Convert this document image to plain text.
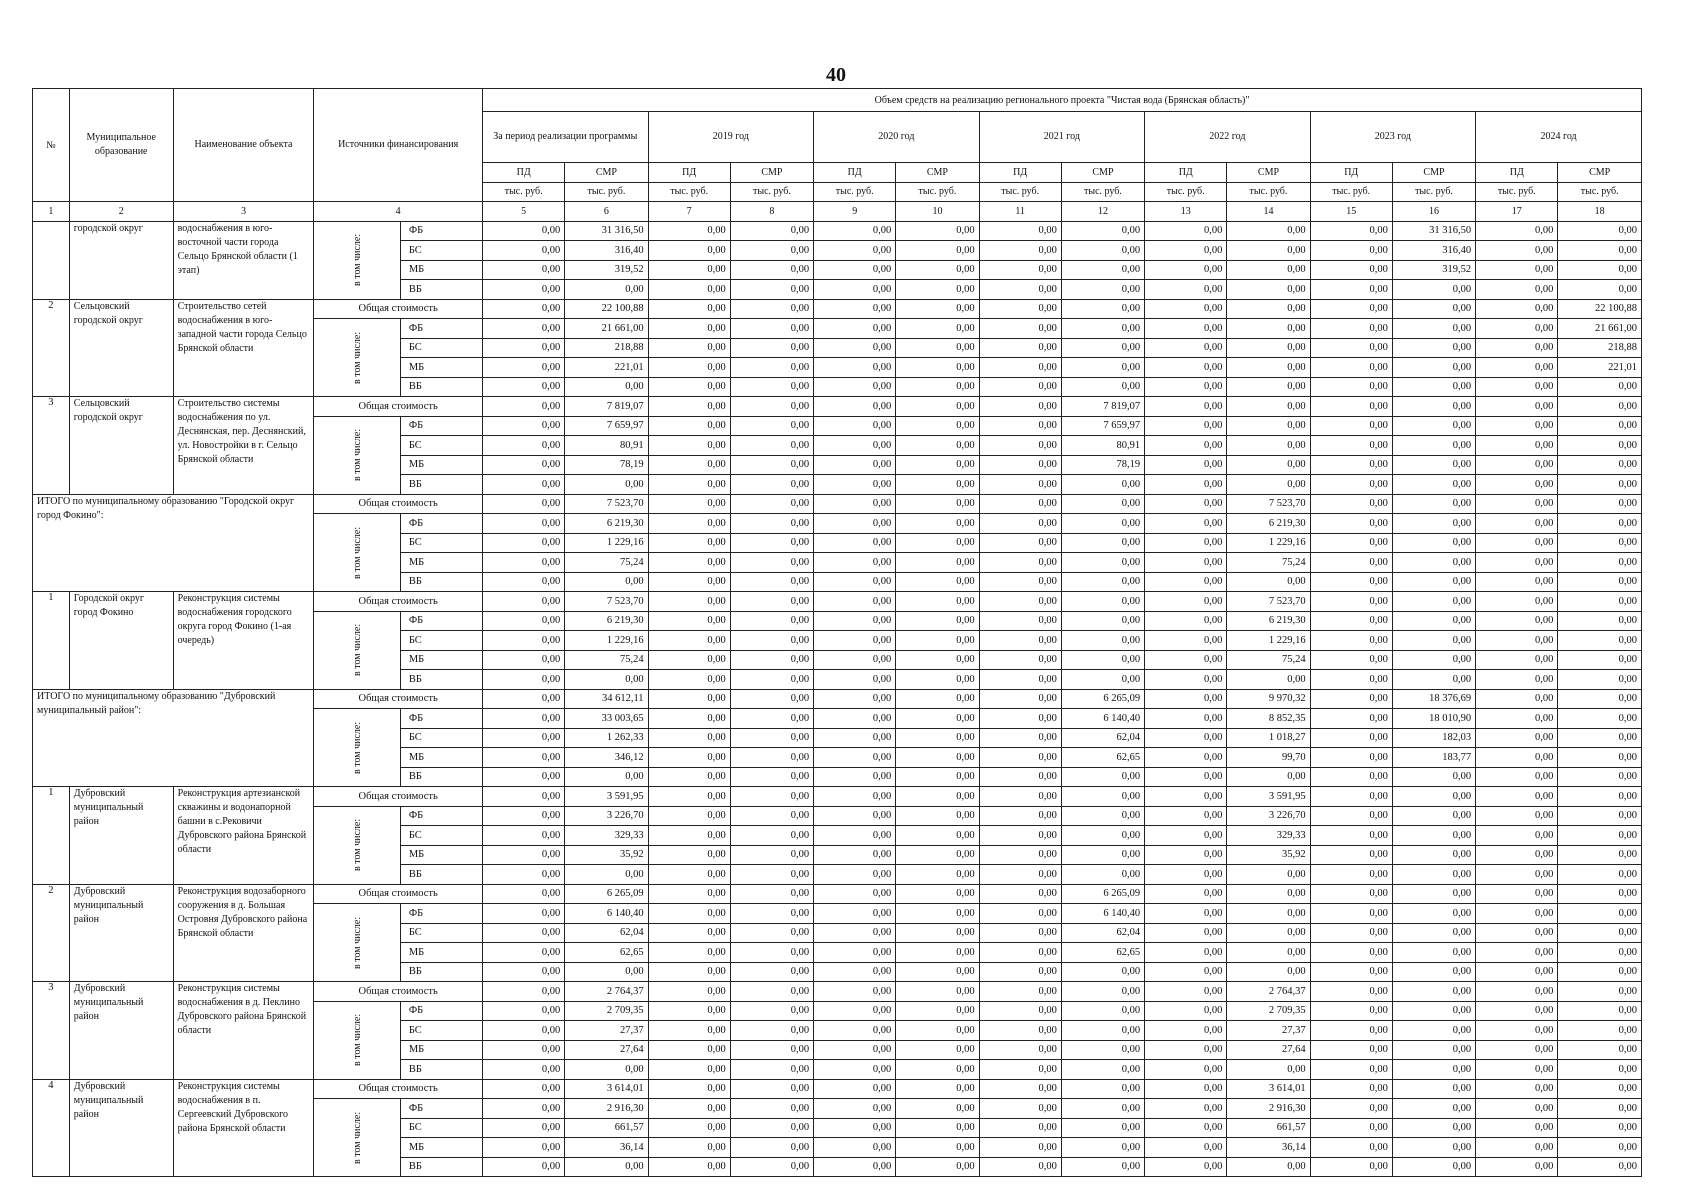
40
№	Муниципальное образование	Наименование объекта	Источники финансирования		Объем средств на реализацию регионального проекта "Чистая вода (Брянская область)"													
					За период реализации программы		2019 год		2020 год		2021 год		2022 год		2023 год		2024 год	
					ПД	СМР	ПД	СМР	ПД	СМР	ПД	СМР	ПД	СМР	ПД	СМР	ПД	СМР
					тыс. руб.	тыс. руб.	тыс. руб.	тыс. руб.	тыс. руб.	тыс. руб.	тыс. руб.	тыс. руб.	тыс. руб.	тыс. руб.	тыс. руб.	тыс. руб.	тыс. руб.	тыс. руб.
1	2	3	4		5	6	7	8	9	10	11	12	13	14	15	16	17	18
	городской округ	водоснабжения в юго-восточной части города Сельцо Брянской области (1 этап)	в том числе:	ФБ	0,00	31 316,50	0,00	0,00	0,00	0,00	0,00	0,00	0,00	0,00	0,00	31 316,50	0,00	0,00
				БС	0,00	316,40	0,00	0,00	0,00	0,00	0,00	0,00	0,00	0,00	0,00	316,40	0,00	0,00
				МБ	0,00	319,52	0,00	0,00	0,00	0,00	0,00	0,00	0,00	0,00	0,00	319,52	0,00	0,00
				ВБ	0,00	0,00	0,00	0,00	0,00	0,00	0,00	0,00	0,00	0,00	0,00	0,00	0,00	0,00
2	Сельцовский городской округ	Строительство сетей водоснабжения в юго-западной части города Сельцо Брянской области	Общая стоимость		0,00	22 100,88	0,00	0,00	0,00	0,00	0,00	0,00	0,00	0,00	0,00	0,00	0,00	22 100,88
			в том числе:	ФБ	0,00	21 661,00	0,00	0,00	0,00	0,00	0,00	0,00	0,00	0,00	0,00	0,00	0,00	21 661,00
				БС	0,00	218,88	0,00	0,00	0,00	0,00	0,00	0,00	0,00	0,00	0,00	0,00	0,00	218,88
				МБ	0,00	221,01	0,00	0,00	0,00	0,00	0,00	0,00	0,00	0,00	0,00	0,00	0,00	221,01
				ВБ	0,00	0,00	0,00	0,00	0,00	0,00	0,00	0,00	0,00	0,00	0,00	0,00	0,00	0,00
3	Сельцовский городской округ	Строительство системы водоснабжения по ул. Деснянская, пер. Деснянский, ул. Новостройки в г. Сельцо Брянской области	Общая стоимость		0,00	7 819,07	0,00	0,00	0,00	0,00	0,00	7 819,07	0,00	0,00	0,00	0,00	0,00	0,00
			в том числе:	ФБ	0,00	7 659,97	0,00	0,00	0,00	0,00	0,00	7 659,97	0,00	0,00	0,00	0,00	0,00	0,00
				БС	0,00	80,91	0,00	0,00	0,00	0,00	0,00	80,91	0,00	0,00	0,00	0,00	0,00	0,00
				МБ	0,00	78,19	0,00	0,00	0,00	0,00	0,00	78,19	0,00	0,00	0,00	0,00	0,00	0,00
				ВБ	0,00	0,00	0,00	0,00	0,00	0,00	0,00	0,00	0,00	0,00	0,00	0,00	0,00	0,00
ИТОГО по муниципальному образованию "Городской округ город Фокино":			Общая стоимость		0,00	7 523,70	0,00	0,00	0,00	0,00	0,00	0,00	0,00	7 523,70	0,00	0,00	0,00	0,00
			в том числе:	ФБ	0,00	6 219,30	0,00	0,00	0,00	0,00	0,00	0,00	0,00	6 219,30	0,00	0,00	0,00	0,00
				БС	0,00	1 229,16	0,00	0,00	0,00	0,00	0,00	0,00	0,00	1 229,16	0,00	0,00	0,00	0,00
				МБ	0,00	75,24	0,00	0,00	0,00	0,00	0,00	0,00	0,00	75,24	0,00	0,00	0,00	0,00
				ВБ	0,00	0,00	0,00	0,00	0,00	0,00	0,00	0,00	0,00	0,00	0,00	0,00	0,00	0,00
1	Городской округ город Фокино	Реконструкция системы водоснабжения городского округа город Фокино (1-ая очередь)	Общая стоимость		0,00	7 523,70	0,00	0,00	0,00	0,00	0,00	0,00	0,00	7 523,70	0,00	0,00	0,00	0,00
			в том числе:	ФБ	0,00	6 219,30	0,00	0,00	0,00	0,00	0,00	0,00	0,00	6 219,30	0,00	0,00	0,00	0,00
				БС	0,00	1 229,16	0,00	0,00	0,00	0,00	0,00	0,00	0,00	1 229,16	0,00	0,00	0,00	0,00
				МБ	0,00	75,24	0,00	0,00	0,00	0,00	0,00	0,00	0,00	75,24	0,00	0,00	0,00	0,00
				ВБ	0,00	0,00	0,00	0,00	0,00	0,00	0,00	0,00	0,00	0,00	0,00	0,00	0,00	0,00
ИТОГО по муниципальному образованию "Дубровский муниципальный район":			Общая стоимость		0,00	34 612,11	0,00	0,00	0,00	0,00	0,00	6 265,09	0,00	9 970,32	0,00	18 376,69	0,00	0,00
			в том числе:	ФБ	0,00	33 003,65	0,00	0,00	0,00	0,00	0,00	6 140,40	0,00	8 852,35	0,00	18 010,90	0,00	0,00
				БС	0,00	1 262,33	0,00	0,00	0,00	0,00	0,00	62,04	0,00	1 018,27	0,00	182,03	0,00	0,00
				МБ	0,00	346,12	0,00	0,00	0,00	0,00	0,00	62,65	0,00	99,70	0,00	183,77	0,00	0,00
				ВБ	0,00	0,00	0,00	0,00	0,00	0,00	0,00	0,00	0,00	0,00	0,00	0,00	0,00	0,00
1	Дубровский муниципальный район	Реконструкция артезианской скважины и водонапорной башни в с.Рековичи Дубровского района Брянской области	Общая стоимость		0,00	3 591,95	0,00	0,00	0,00	0,00	0,00	0,00	0,00	3 591,95	0,00	0,00	0,00	0,00
			в том числе:	ФБ	0,00	3 226,70	0,00	0,00	0,00	0,00	0,00	0,00	0,00	3 226,70	0,00	0,00	0,00	0,00
				БС	0,00	329,33	0,00	0,00	0,00	0,00	0,00	0,00	0,00	329,33	0,00	0,00	0,00	0,00
				МБ	0,00	35,92	0,00	0,00	0,00	0,00	0,00	0,00	0,00	35,92	0,00	0,00	0,00	0,00
				ВБ	0,00	0,00	0,00	0,00	0,00	0,00	0,00	0,00	0,00	0,00	0,00	0,00	0,00	0,00
2	Дубровский муниципальный район	Реконструкция водозаборного сооружения в д. Большая Островня Дубровского района Брянской области	Общая стоимость		0,00	6 265,09	0,00	0,00	0,00	0,00	0,00	6 265,09	0,00	0,00	0,00	0,00	0,00	0,00
			в том числе:	ФБ	0,00	6 140,40	0,00	0,00	0,00	0,00	0,00	6 140,40	0,00	0,00	0,00	0,00	0,00	0,00
				БС	0,00	62,04	0,00	0,00	0,00	0,00	0,00	62,04	0,00	0,00	0,00	0,00	0,00	0,00
				МБ	0,00	62,65	0,00	0,00	0,00	0,00	0,00	62,65	0,00	0,00	0,00	0,00	0,00	0,00
				ВБ	0,00	0,00	0,00	0,00	0,00	0,00	0,00	0,00	0,00	0,00	0,00	0,00	0,00	0,00
3	Дубровский муниципальный район	Реконструкция системы водоснабжения в д. Пеклино Дубровского района Брянской области	Общая стоимость		0,00	2 764,37	0,00	0,00	0,00	0,00	0,00	0,00	0,00	2 764,37	0,00	0,00	0,00	0,00
			в том числе:	ФБ	0,00	2 709,35	0,00	0,00	0,00	0,00	0,00	0,00	0,00	2 709,35	0,00	0,00	0,00	0,00
				БС	0,00	27,37	0,00	0,00	0,00	0,00	0,00	0,00	0,00	27,37	0,00	0,00	0,00	0,00
				МБ	0,00	27,64	0,00	0,00	0,00	0,00	0,00	0,00	0,00	27,64	0,00	0,00	0,00	0,00
				ВБ	0,00	0,00	0,00	0,00	0,00	0,00	0,00	0,00	0,00	0,00	0,00	0,00	0,00	0,00
4	Дубровский муниципальный район	Реконструкция системы водоснабжения в п. Сергеевский Дубровского района Брянской области	Общая стоимость		0,00	3 614,01	0,00	0,00	0,00	0,00	0,00	0,00	0,00	3 614,01	0,00	0,00	0,00	0,00
			в том числе:	ФБ	0,00	2 916,30	0,00	0,00	0,00	0,00	0,00	0,00	0,00	2 916,30	0,00	0,00	0,00	0,00
				БС	0,00	661,57	0,00	0,00	0,00	0,00	0,00	0,00	0,00	661,57	0,00	0,00	0,00	0,00
				МБ	0,00	36,14	0,00	0,00	0,00	0,00	0,00	0,00	0,00	36,14	0,00	0,00	0,00	0,00
				ВБ	0,00	0,00	0,00	0,00	0,00	0,00	0,00	0,00	0,00	0,00	0,00	0,00	0,00	0,00
